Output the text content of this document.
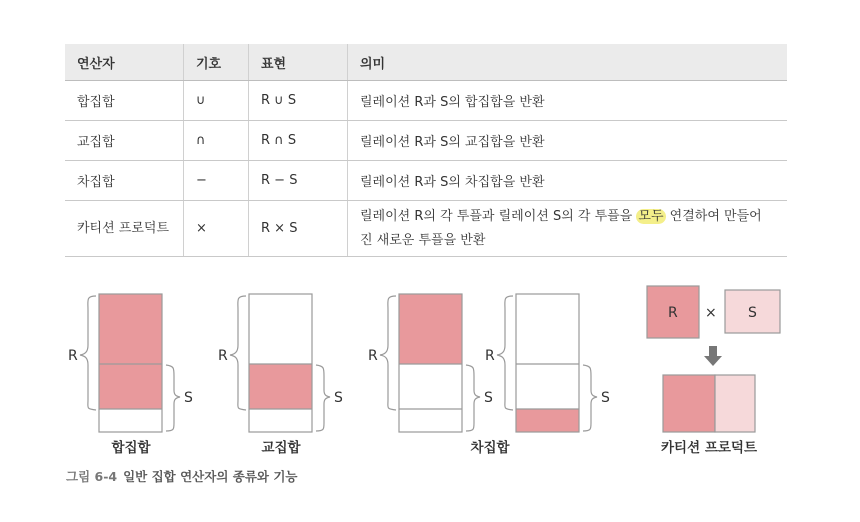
연산자	기호	표현	의미
합집합	∪	R ∪ S	릴레이션 R과 S의 합집합을 반환
교집합	∩	R ∩ S	릴레이션 R과 S의 교집합을 반환
차집합	−	R − S	릴레이션 R과 S의 차집합을 반환
카티션 프로덕트	×	R × S	릴레이션 R의 각 투플과 릴레이션 S의 각 투플을 모두 연결하여 만들어
진 새로운 투플을 반환
R
S
R
S
R
S
R
S
R × S
합집합	교집합	차집합	카티션 프로덕트
그림 6-4 일반 집합 연산자의 종류와 기능
